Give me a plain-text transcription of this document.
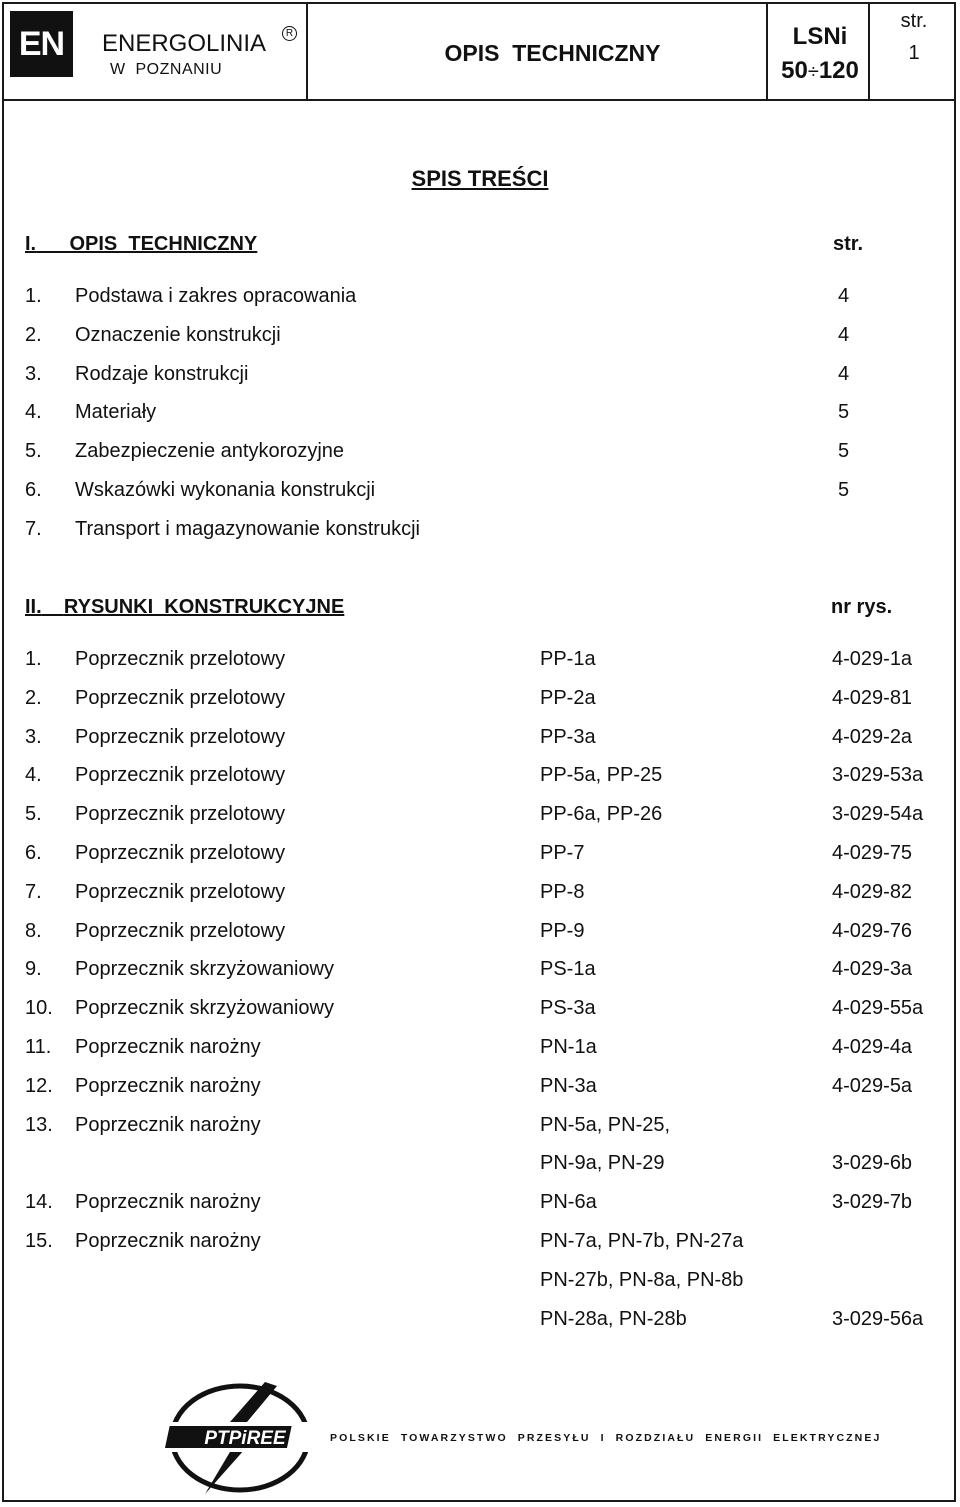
EN	ENERGOLINIA	R
W  POZNANIU
OPIS  TECHNICZNY
LSNi
50÷120
str.
1
SPIS TREŚCI
I. OPIS  TECHNICZNY	str.
1. Podstawa i zakres opracowania	4
2. Oznaczenie konstrukcji	4
3. Rodzaje konstrukcji	4
4. Materiały	5
5. Zabezpieczenie antykorozyjne	5
6. Wskazówki wykonania konstrukcji	5
7. Transport i magazynowanie konstrukcji
II. RYSUNKI  KONSTRUKCYJNE	nr rys.
1. Poprzecznik przelotowy	PP-1a	4-029-1a
2. Poprzecznik przelotowy	PP-2a	4-029-81
3. Poprzecznik przelotowy	PP-3a	4-029-2a
4. Poprzecznik przelotowy	PP-5a, PP-25	3-029-53a
5. Poprzecznik przelotowy	PP-6a, PP-26	3-029-54a
6. Poprzecznik przelotowy	PP-7	4-029-75
7. Poprzecznik przelotowy	PP-8	4-029-82
8. Poprzecznik przelotowy	PP-9	4-029-76
9. Poprzecznik skrzyżowaniowy	PS-1a	4-029-3a
10. Poprzecznik skrzyżowaniowy	PS-3a	4-029-55a
11. Poprzecznik narożny	PN-1a	4-029-4a
12. Poprzecznik narożny	PN-3a	4-029-5a
13. Poprzecznik narożny	PN-5a, PN-25,
PN-9a, PN-29	3-029-6b
14. Poprzecznik narożny	PN-6a	3-029-7b
15. Poprzecznik narożny	PN-7a, PN-7b, PN-27a
PN-27b, PN-8a, PN-8b
PN-28a, PN-28b	3-029-56a
PTPiREE	POLSKIE  TOWARZYSTWO  PRZESYŁU  I  ROZDZIAŁU  ENERGII  ELEKTRYCZNEJ
